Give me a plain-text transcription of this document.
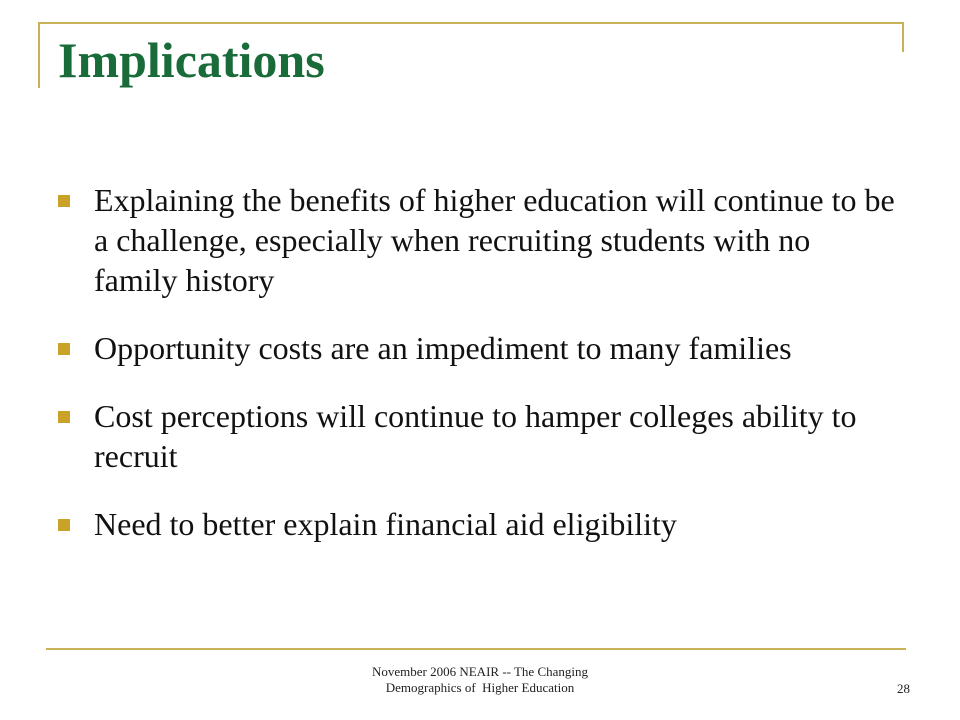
Implications
Explaining the benefits of higher education will continue to be a challenge, especially when recruiting students with no family history
Opportunity costs are an impediment to many families
Cost perceptions will continue to hamper colleges ability to recruit
Need to better explain financial aid eligibility
November 2006 NEAIR -- The Changing
Demographics of  Higher Education	28
